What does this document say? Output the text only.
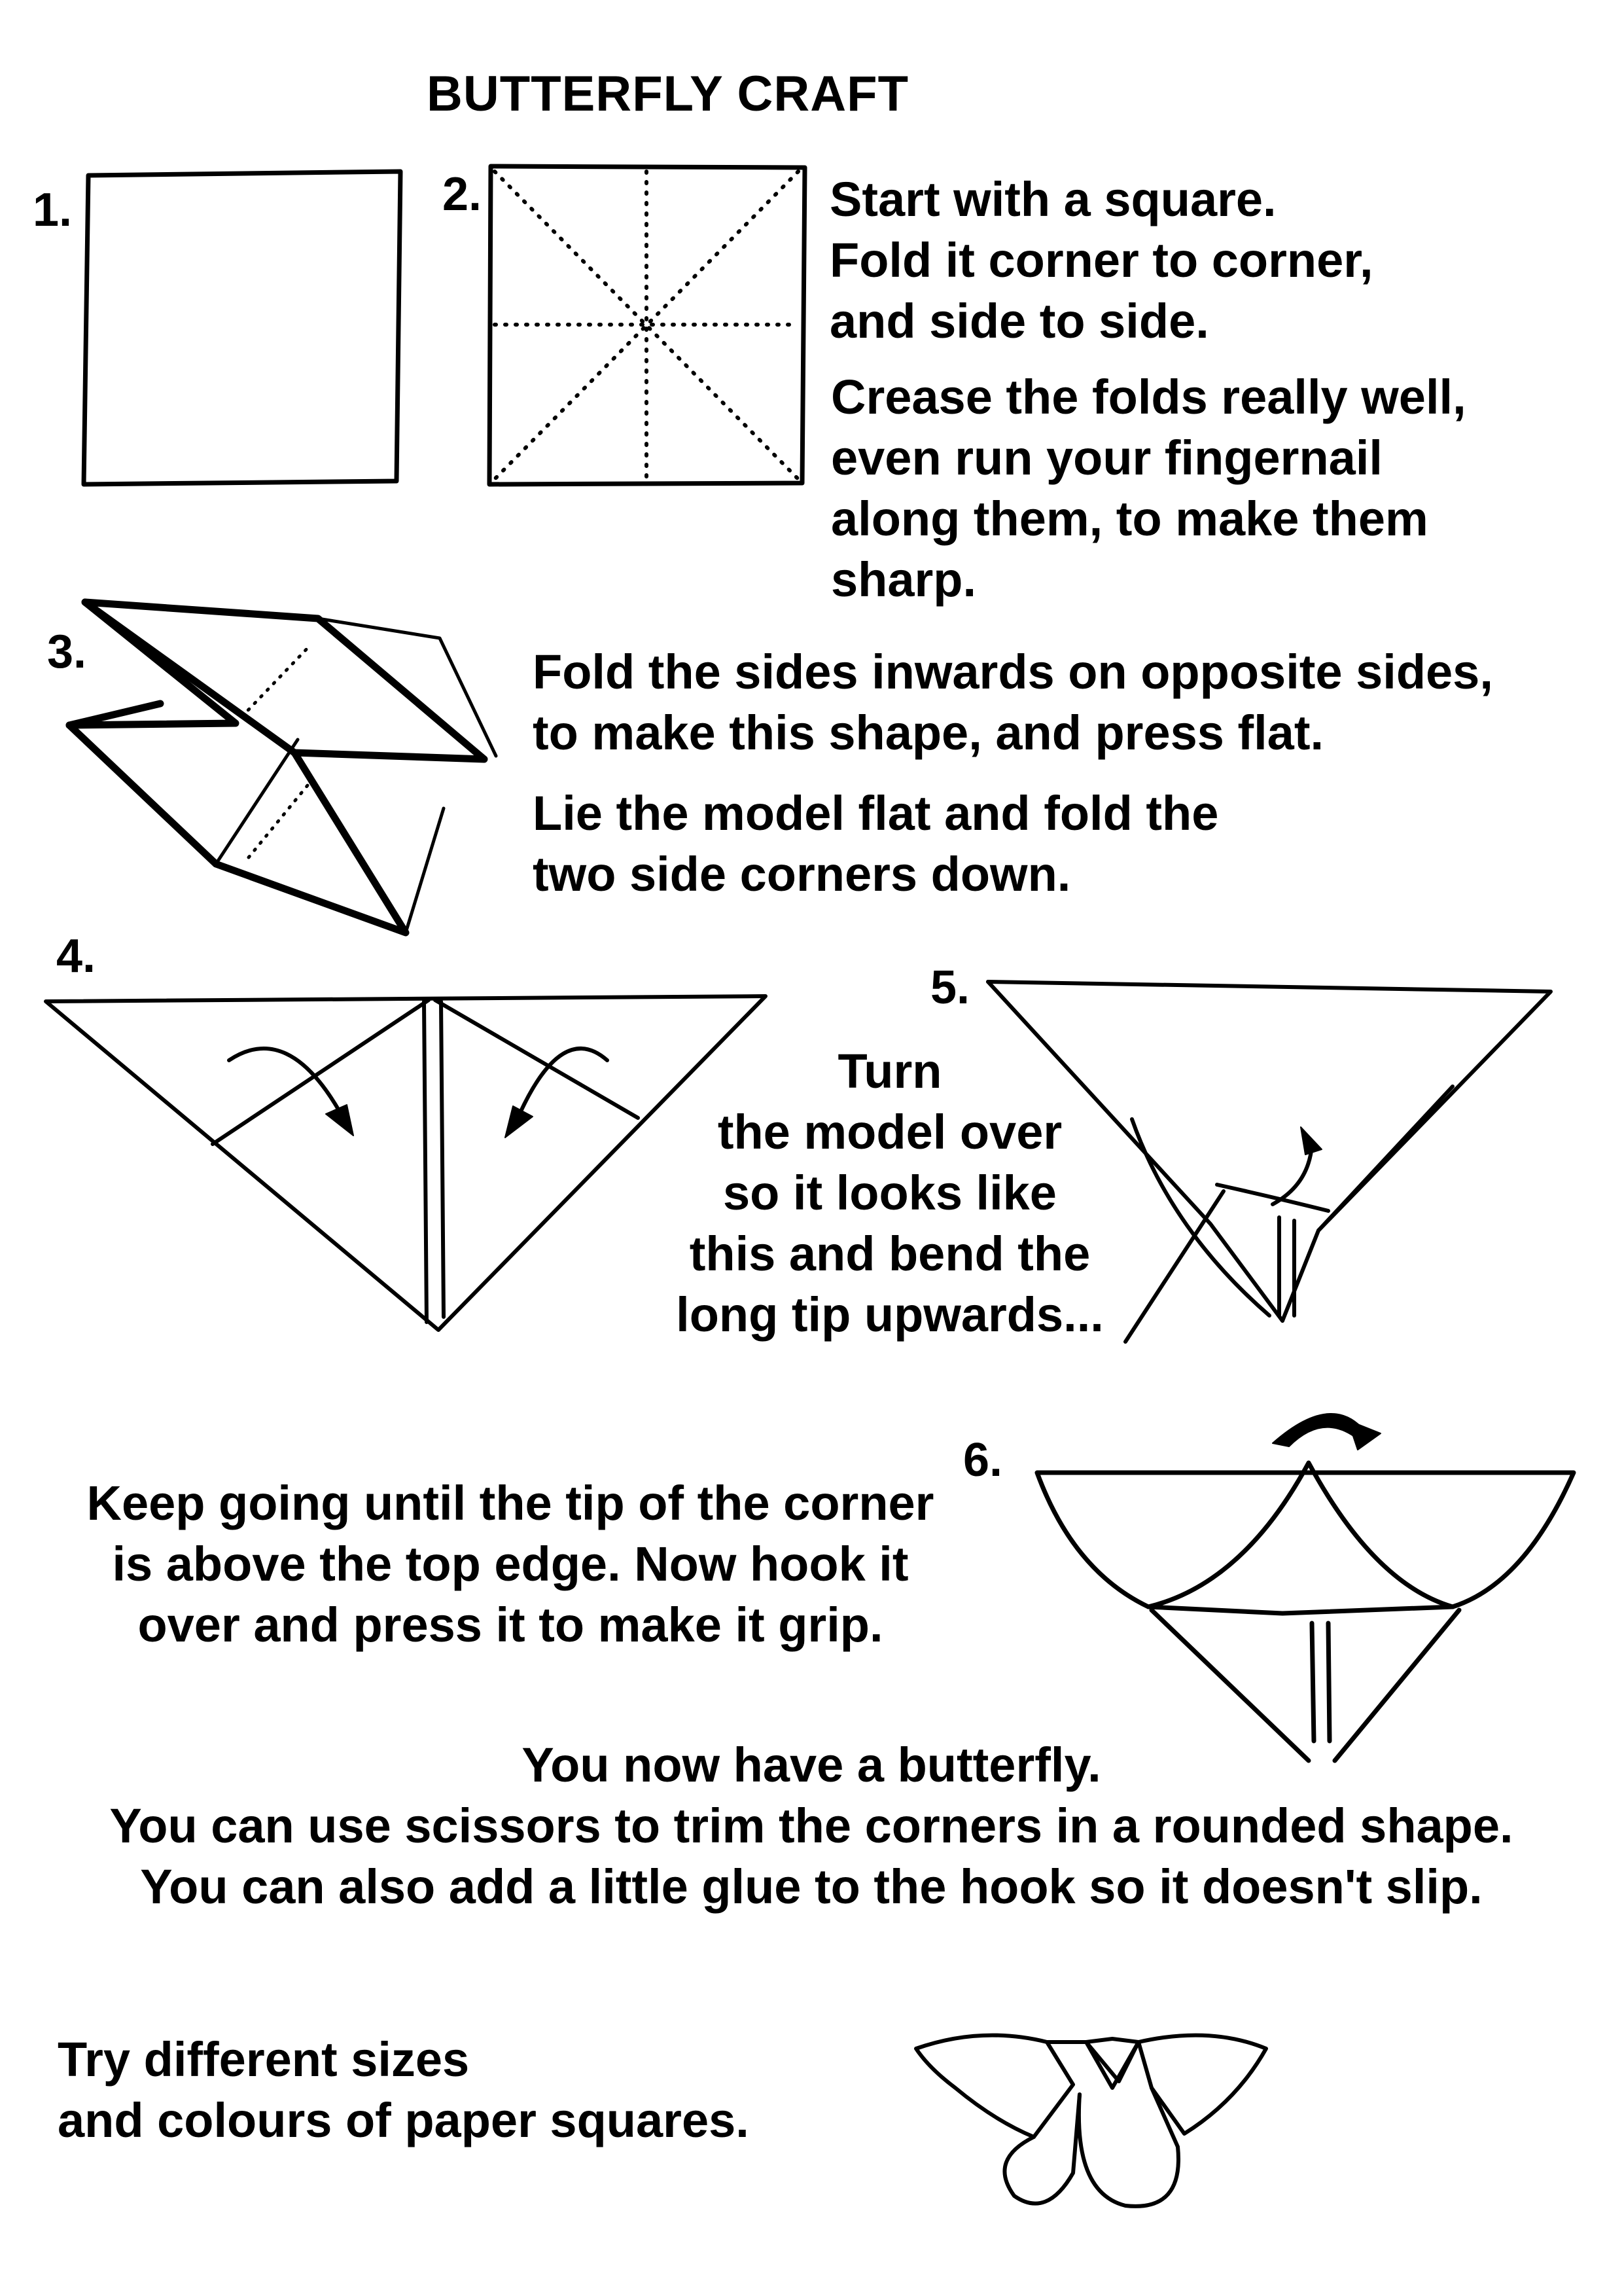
BUTTERFLY CRAFT
1.	2.
3.
4.
5.
6.
Start with a square.
Fold it corner to corner,
and side to side.
Crease the folds really well,
even run your fingernail
along them, to make them
sharp.
Fold the sides inwards on opposite sides,
to make this shape, and press flat.
Lie the model flat and fold the
two side corners down.
Turn
the model over
so it looks like
this and bend the
long tip upwards...
Keep going until the tip of the corner
is above the top edge. Now hook it
over and press it to make it grip.
You now have a butterfly.
You can use scissors to trim the corners in a rounded shape.
You can also add a little glue to the hook so it doesn't slip.
Try different sizes
and colours of paper squares.
